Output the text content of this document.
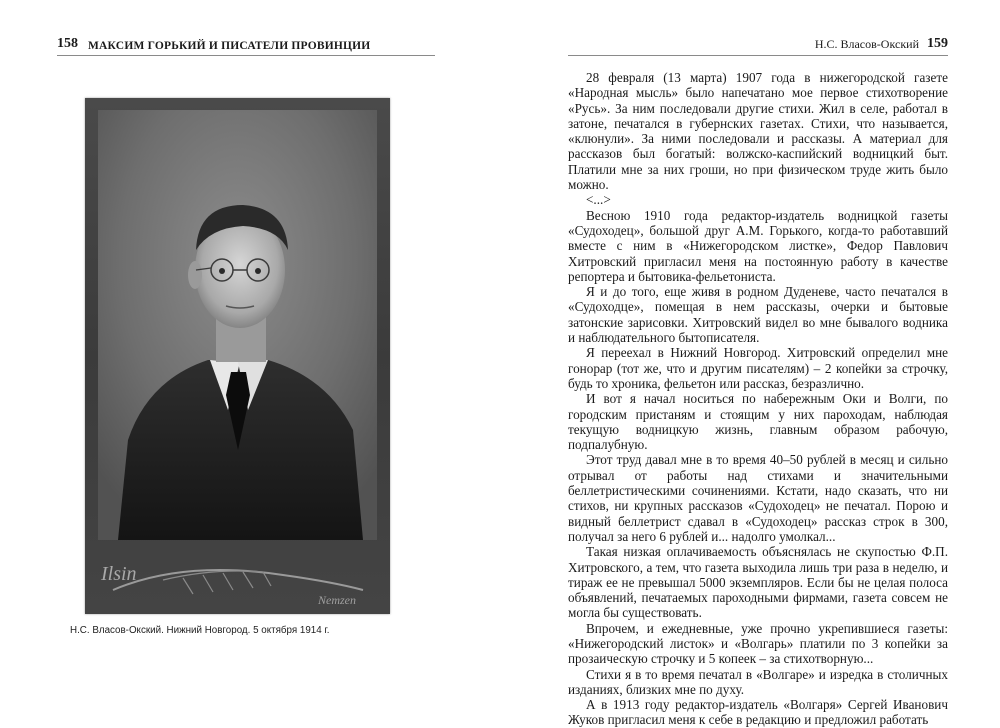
158 МАКСИМ ГОРЬКИЙ И ПИСАТЕЛИ ПРОВИНЦИИ
Ilsin
Nemzen
Н.С. Власов-Окский. Нижний Новгород. 5 октября 1914 г.
Н.С. Власов-Окский 159

28 февраля (13 марта) 1907 года в нижегородской газете «Народная мысль» было напечатано мое первое стихотворение «Русь». За ним последовали другие стихи. Жил в селе, работал в затоне, печатался в губернских газетах. Стихи, что называется, «клюнули». За ними последовали и рассказы. А материал для рассказов был богатый: волжско-каспийский водницкий быт. Платили мне за них гроши, но при физическом труде жить было можно.

<...>

Весною 1910 года редактор-издатель водницкой газеты «Судоходец», большой друг А.М. Горького, когда-то работавший вместе с ним в «Нижегородском листке», Федор Павлович Хитровский пригласил меня на постоянную работу в качестве репортера и бытовика-фельетониста.

Я и до того, еще живя в родном Дуденеве, часто печатался в «Судоходце», помещая в нем рассказы, очерки и бытовые затонские зарисовки. Хитровский видел во мне бывалого водника и наблюдательного бытописателя.

Я переехал в Нижний Новгород. Хитровский определил мне гонорар (тот же, что и другим писателям) – 2 копейки за строчку, будь то хроника, фельетон или рассказ, безразлично.

И вот я начал носиться по набережным Оки и Волги, по городским пристаням и стоящим у них пароходам, наблюдая текущую водницкую жизнь, главным образом рабочую, подпалубную.

Этот труд давал мне в то время 40–50 рублей в месяц и сильно отрывал от работы над стихами и значительными беллетристическими сочинениями. Кстати, надо сказать, что ни стихов, ни крупных рассказов «Судоходец» не печатал. Порою и видный беллетрист сдавал в «Судоходец» рассказ строк в 300, получал за него 6 рублей и... надолго умолкал...

Такая низкая оплачиваемость объяснялась не скупостью Ф.П. Хитровского, а тем, что газета выходила лишь три раза в неделю, и тираж ее не превышал 5000 экземпляров. Если бы не целая полоса объявлений, печатаемых пароходными фирмами, газета совсем не могла бы существовать.

Впрочем, и ежедневные, уже прочно укрепившиеся газеты: «Нижегородский листок» и «Волгарь» платили по 3 копейки за прозаическую строчку и 5 копеек – за стихотворную...

Стихи я в то время печатал в «Волгаре» и изредка в столичных изданиях, близких мне по духу.

А в 1913 году редактор-издатель «Волгаря» Сергей Иванович Жуков пригласил меня к себе в редакцию и предложил работать
